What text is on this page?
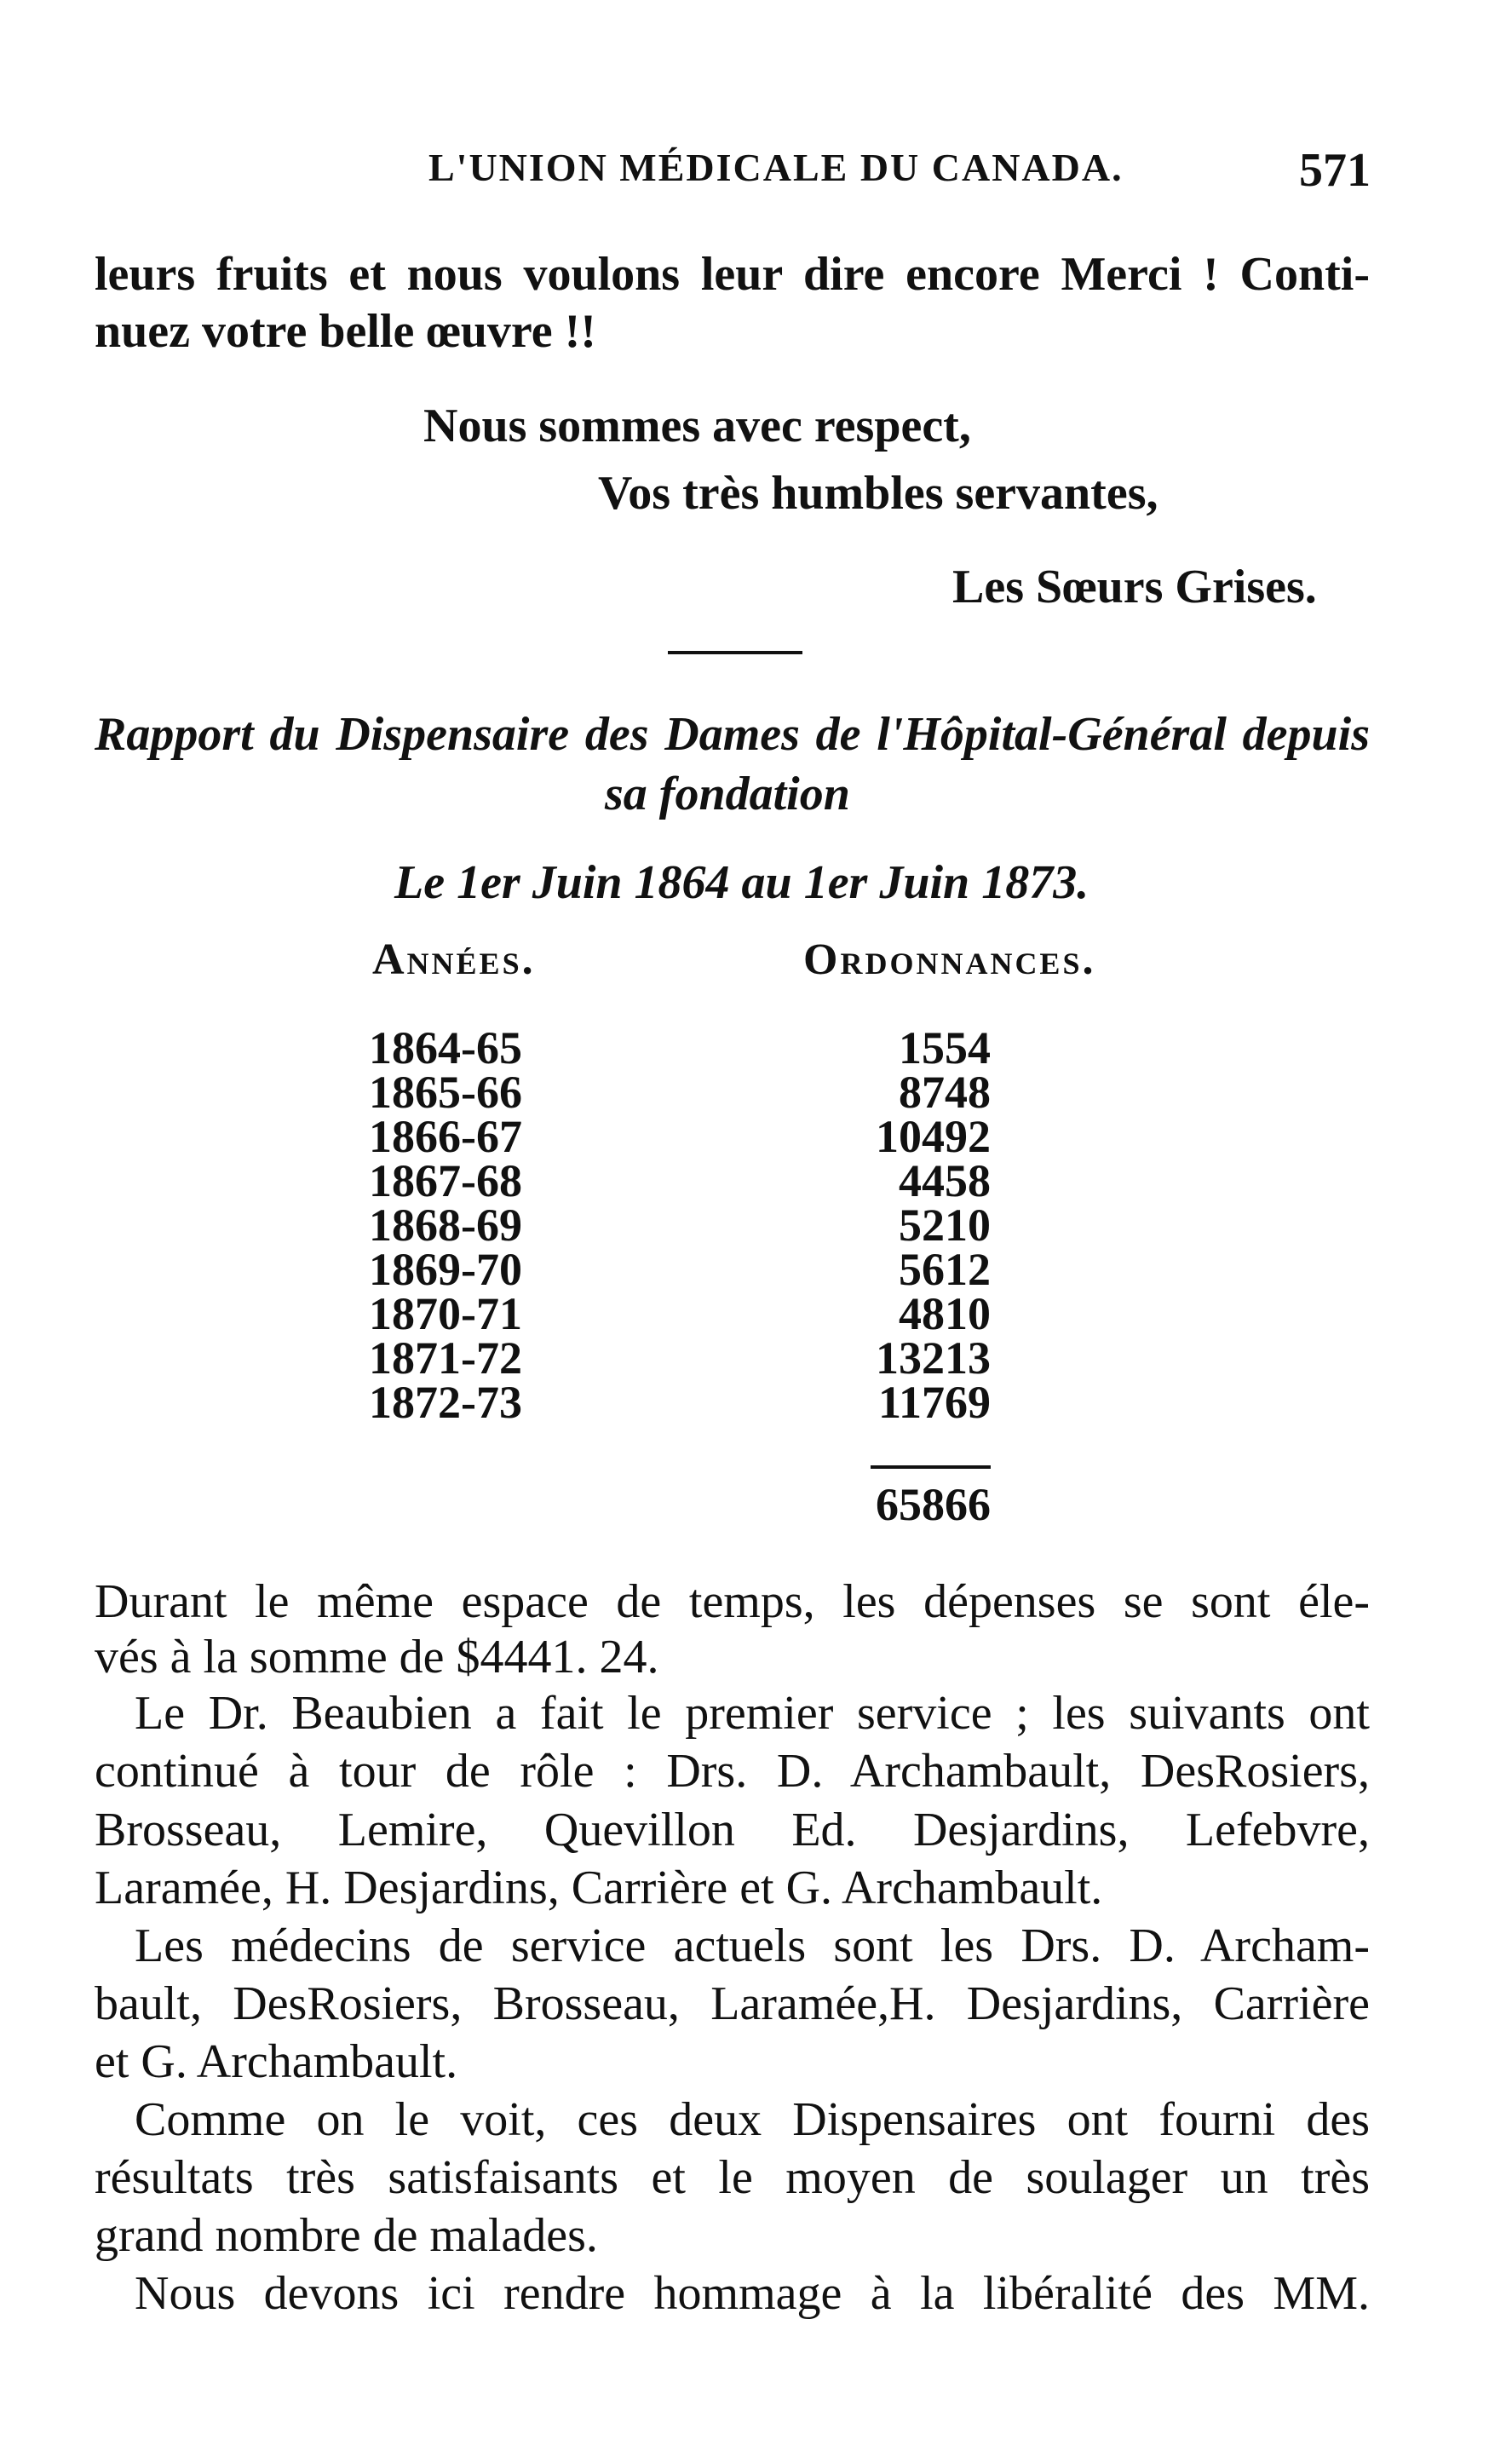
L'UNION MÉDICALE DU CANADA.	571
leurs fruits et nous voulons leur dire encore Merci ! Conti-
nuez votre belle œuvre !!
Nous sommes avec respect,
Vos très humbles servantes,
Les Sœurs Grises.
Rapport du Dispensaire des Dames de l'Hôpital-Général depuis
sa fondation
Le 1er Juin 1864 au 1er Juin 1873.
Années.	Ordonnances.
1864-65
1865-66
1866-67
1867-68
1868-69
1869-70
1870-71
1871-72
1872-73
1554
8748
10492
4458
5210
5612
4810
13213
11769
65866
Durant le même espace de temps, les dépenses se sont éle-
vés à la somme de $4441. 24.
Le Dr. Beaubien a fait le premier service ; les suivants ont
continué à tour de rôle : Drs. D. Archambault, DesRosiers,
Brosseau, Lemire, Quevillon Ed. Desjardins, Lefebvre,
Laramée, H. Desjardins, Carrière et G. Archambault.
Les médecins de service actuels sont les Drs. D. Archam-
bault, DesRosiers, Brosseau, Laramée,H. Desjardins, Carrière
et G. Archambault.
Comme on le voit, ces deux Dispensaires ont fourni des
résultats très satisfaisants et le moyen de soulager un très
grand nombre de malades.
Nous devons ici rendre hommage à la libéralité des MM.
